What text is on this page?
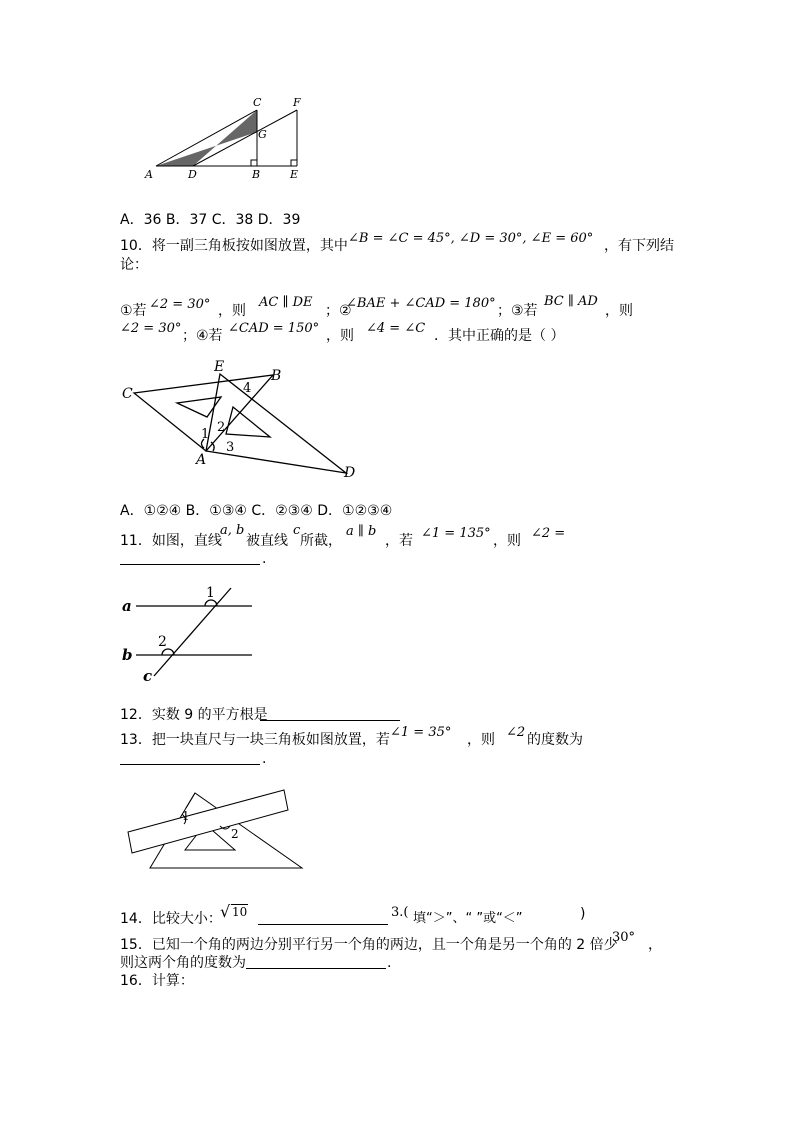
A	D	B	E
C	F
G
A．36 B．37 C．38 D．39
10．将一副三角板按如图放置，其中 ∠B = ∠C = 45°, ∠D = 30°, ∠E = 60° ，有下列结
论：
①若 ∠2 = 30° ，则
AC ∥ DE
；②
∠BAE + ∠CAD = 180° ；③若
BC ∥ AD
，则
∠2 = 30° ；④若 ∠CAD = 150° ，则 ∠4 = ∠C ．其中正确的是（ ）
C
E
B
A
D
1 2
3
4
A．①②④ B．①③④ C．②③④ D．①②③④
11．如图，直线
a, b
被直线
c
所截，
a ∥ b
，若 ∠1 = 135° ，则 ∠2 =
.
a
b
c
1
2
12．实数 9 的平方根是
13．把一块直尺与一块三角板如图放置，若 ∠1 = 35° ，则 ∠2 的度数为
.
1
2
14．比较大小：
√ 10	3.( 填“＞”、“ ”或“＜”	)
15．已知一个角的两边分别平行另一个角的两边，且一个角是另一个角的 2 倍少
30° ，
则这两个角的度数为	.
16．计算：
